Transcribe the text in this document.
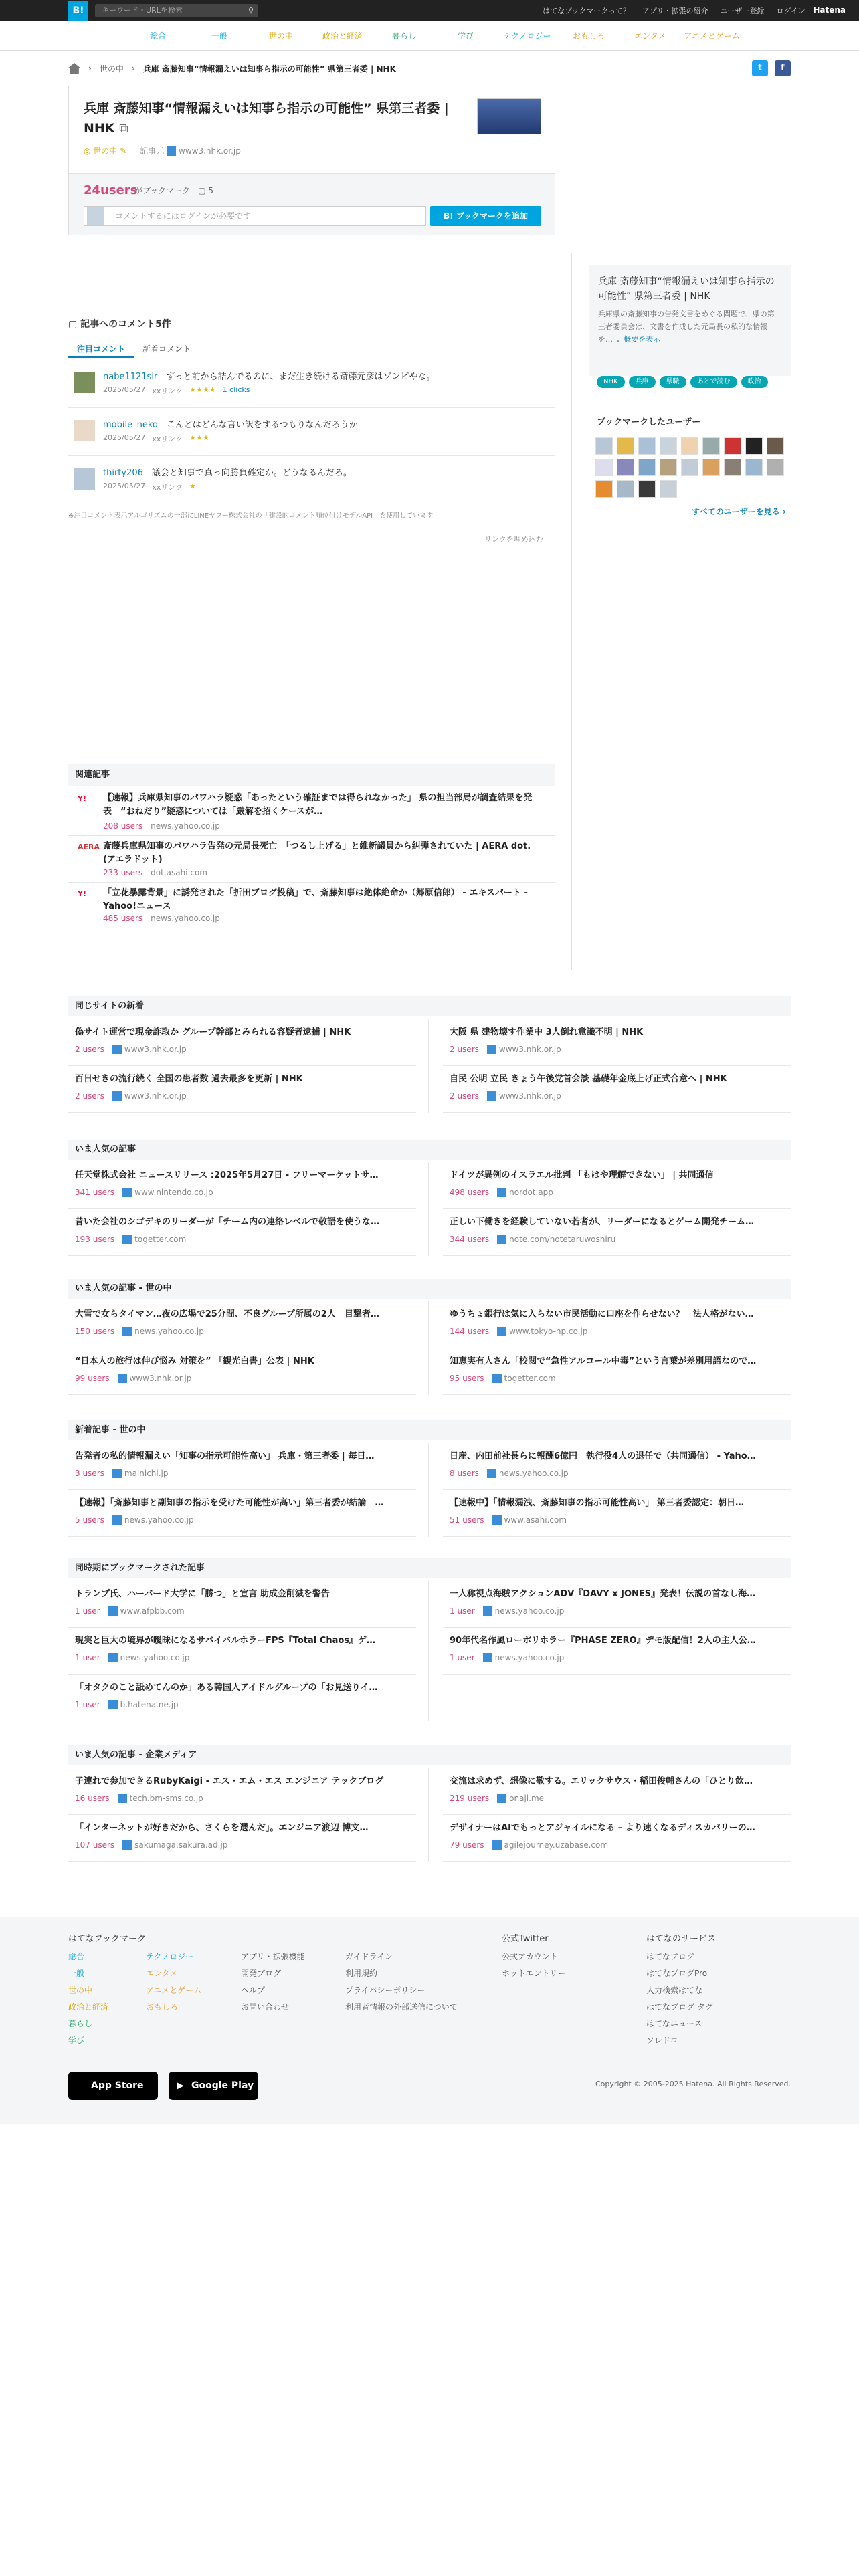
B!	キーワード・URLを検索	⚲	はてなブックマークって？ アプリ・拡張の紹介 ユーザー登録 ログイン Hatena
総合	一般	世の中	政治と経済	暮らし	学び	テクノロジー	おもしろ	エンタメ	アニメとゲーム
› 世の中 › 兵庫 斎藤知事“情報漏えいは知事ら指示の可能性” 県第三者委 | NHK	t	f
兵庫 斎藤知事“情報漏えいは知事ら指示の可能性” 県第三者委 | NHK ⧉
◎ 世の中 ✎ 記事元 www3.nhk.or.jp
24users
がブックマーク　 ▢ 5
コメントするにはログインが必要です	B! ブックマークを追加
▢ 記事へのコメント5件
注目コメント	新着コメント
nabe1121sir　 ずっと前から詰んでるのに、まだ生き続ける斎藤元彦はゾンビやな。
2025/05/27 xxリンク ★★★★ 1 clicks
mobile_neko　 こんどはどんな言い訳をするつもりなんだろうか
2025/05/27 xxリンク ★★★
thirty206　 議会と知事で真っ向勝負確定か。どうなるんだろ。
2025/05/27 xxリンク ★
※注目コメント表示アルゴリズムの一部にLINEヤフー株式会社の「建設的コメント順位付けモデルAPI」を使用しています
リンクを埋め込む
兵庫 斎藤知事“情報漏えいは知事ら指示の可能性” 県第三者委 | NHK

兵庫県の斎藤知事の告発文書をめぐる問題で、県の第三者委員会は、文書を作成した元局長の私的な情報を… ⌄ 概要を表示

NHK	兵庫	県職	あとで読む	政治
ブックマークしたユーザー
すべてのユーザーを見る ›
関連記事
Y! 【速報】兵庫県知事のパワハラ疑惑「あったという確証までは得られなかった」 県の担当部局が調査結果を発表　“おねだり”疑惑については「厳解を招くケースが…
208 users　 news.yahoo.co.jp
AERA 斎藤兵庫県知事のパワハラ告発の元局長死亡　「つるし上げる」と維新議員から糾弾されていた | AERA dot. (アエラドット)
233 users　 dot.asahi.com
Y! 「立花暴露背景」に誘発された「折田ブログ投稿」で、斎藤知事は絶体絶命か（郷原信郎） - エキスパート - Yahoo!ニュース
485 users　 news.yahoo.co.jp
同じサイトの新着
偽サイト運営で現金詐取か グループ幹部とみられる容疑者逮捕 | NHK
2 users　	www3.nhk.or.jp
大阪 県 建物壊す作業中 3人倒れ意識不明 | NHK
2 users　	www3.nhk.or.jp
百日せきの流行続く 全国の患者数 過去最多を更新 | NHK
2 users　	www3.nhk.or.jp
自民 公明 立民 きょう午後党首会談 基礎年金底上げ正式合意へ | NHK
2 users　	www3.nhk.or.jp
いま人気の記事
任天堂株式会社 ニュースリリース :2025年5月27日 - フリーマーケットサ…
341 users　	www.nintendo.co.jp
ドイツが異例のイスラエル批判 「もはや理解できない」 | 共同通信
498 users　	nordot.app
昔いた会社のシゴデキのリーダーが「チーム内の連絡レベルで敬語を使うな…
193 users　	togetter.com
正しい下働きを経験していない若者が、リーダーになるとゲーム開発チーム…
344 users　	note.com/notetaruwoshiru
いま人気の記事 - 世の中
大雪で女らタイマン…夜の広場で25分間、不良グループ所属の2人　目撃者…
150 users　	news.yahoo.co.jp
ゆうちょ銀行は気に入らない市民活動に口座を作らせない？　法人格がない…
144 users　	www.tokyo-np.co.jp
“日本人の旅行は伸び悩み 対策を” 「観光白書」公表 | NHK
99 users　	www3.nhk.or.jp
知恵実有人さん「校閲で“急性アルコール中毒”という言葉が差別用語なので…
95 users　	togetter.com
新着記事 - 世の中
告発者の私的情報漏えい「知事の指示可能性高い」 兵庫・第三者委 | 毎日…
3 users　	mainichi.jp
日産、内田前社長らに報酬6億円　執行役4人の退任で（共同通信） - Yaho…
8 users　	news.yahoo.co.jp
【速報】「斎藤知事と副知事の指示を受けた可能性が高い」第三者委が結論　…
5 users　	news.yahoo.co.jp
【速報中】「情報漏洩、斎藤知事の指示可能性高い」 第三者委認定：朝日…
51 users　	www.asahi.com
同時期にブックマークされた記事
トランプ氏、ハーバード大学に「勝つ」と宣言 助成金削減を警告
1 user　	www.afpbb.com
一人称視点海賊アクションADV『DAVY x JONES』発表！伝説の首なし海…
1 user　	news.yahoo.co.jp
現実と巨大の境界が曖昧になるサバイバルホラーFPS『Total Chaos』ゲ…
1 user　	news.yahoo.co.jp
90年代名作風ローポリホラー『PHASE ZERO』デモ版配信！2人の主人公…
1 user　	news.yahoo.co.jp
「オタクのこと舐めてんのか」ある韓国人アイドルグループの「お見送りイ…
1 user　	b.hatena.ne.jp
いま人気の記事 - 企業メディア
子連れで参加できるRubyKaigi - エス・エム・エス エンジニア テックブログ
16 users　	tech.bm-sms.co.jp
交流は求めず、想像に敬する。エリックサウス・稲田俊輔さんの「ひとり飲…
219 users　	onaji.me
「インターネットが好きだから、さくらを選んだ」。エンジニア渡辺 博文…
107 users　	sakumaga.sakura.ad.jp
デザイナーはAIでもっとアジャイルになる – より速くなるディスカバリーの…
79 users　	agilejourney.uzabase.com
はてなブックマーク
総合
一般
世の中
政治と経済
暮らし
学び
テクノロジー
エンタメ
アニメとゲーム
おもしろ
アプリ・拡張機能
開発ブログ
ヘルプ
お問い合わせ
ガイドライン
利用規約
プライバシーポリシー
利用者情報の外部送信について
公式Twitter
公式アカウント
ホットエントリー
はてなのサービス
はてなブログ
はてなブログPro
人力検索はてな
はてなブログ タグ
はてなニュース
ソレドコ
App Store	▶ Google Play	Copyright © 2005-2025 Hatena. All Rights Reserved.
